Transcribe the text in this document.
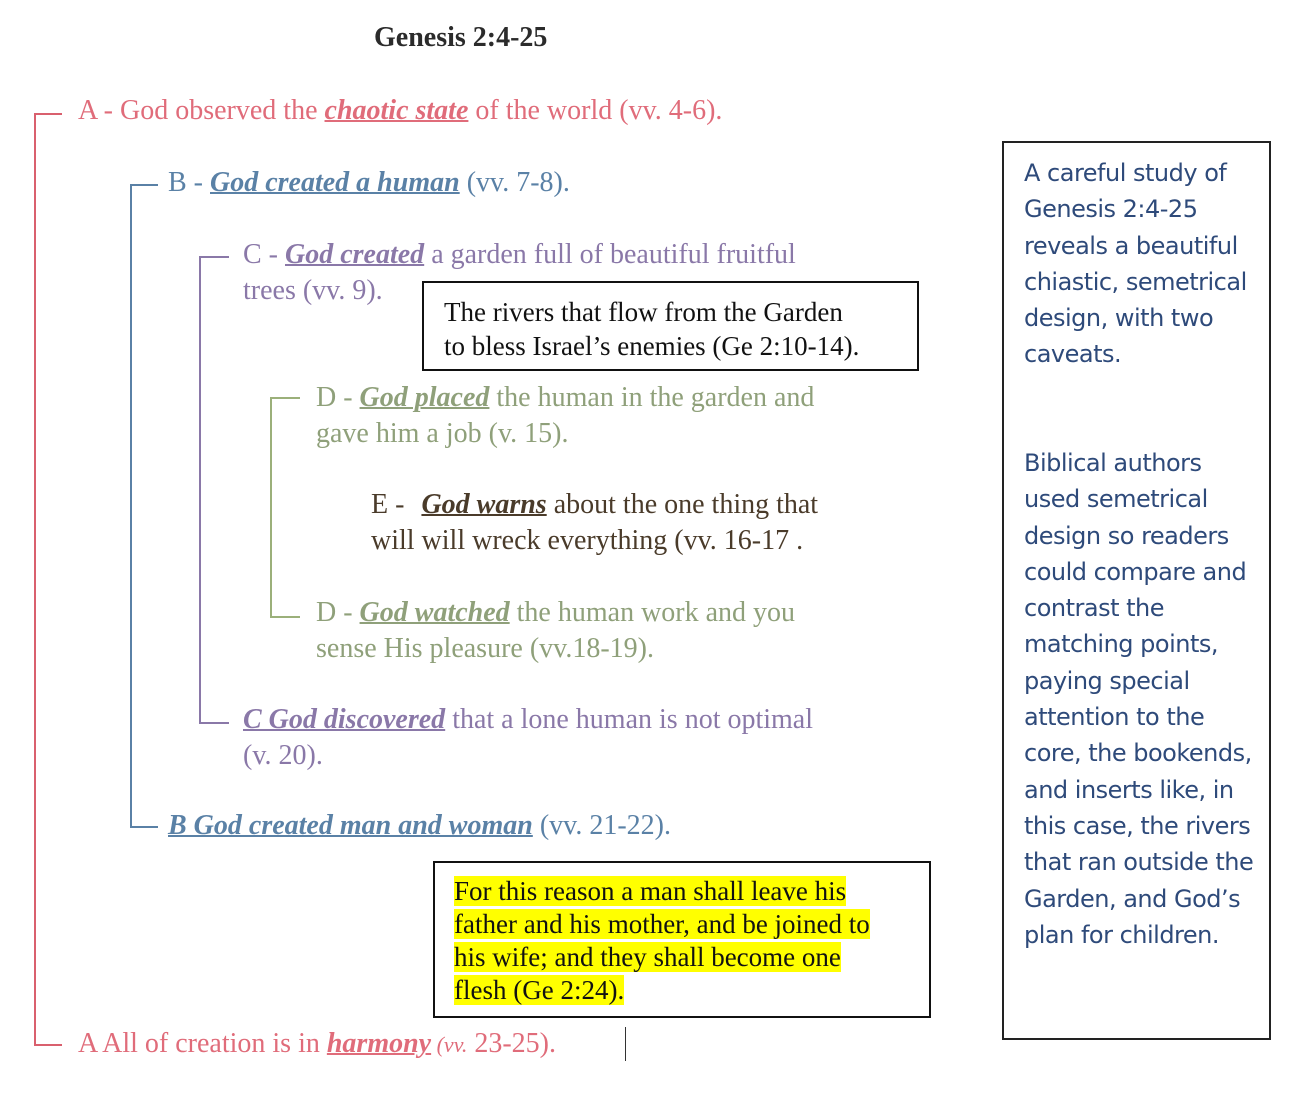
Genesis 2:4-25
A - God observed the chaotic state of the world (vv. 4-6).
B - God created a human (vv. 7-8).
C - God created a garden full of beautiful fruitful
trees (vv. 9).
The rivers that flow from the Garden
to bless Israel’s enemies (Ge 2:10-14).
D - God placed the human in the garden and
gave him a job (v. 15).
E - God warns about the one thing that
will will wreck everything (vv. 16-17 .
D - God watched the human work and you
sense His pleasure (vv.18-19).
C God discovered that a lone human is not optimal
(v. 20).
B God created man and woman (vv. 21-22).
For this reason a man shall leave his
father and his mother, and be joined to
his wife; and they shall become one
flesh (Ge 2:24).
A All of creation is in harmony (vv. 23-25).
A careful study of Genesis 2:4-25 reveals a beautiful chiastic, semetrical design, with two caveats.
Biblical authors used semetrical design so readers could compare and contrast the matching points, paying special attention to the core, the bookends, and inserts like, in this case, the rivers that ran outside the Garden, and God’s plan for children.
